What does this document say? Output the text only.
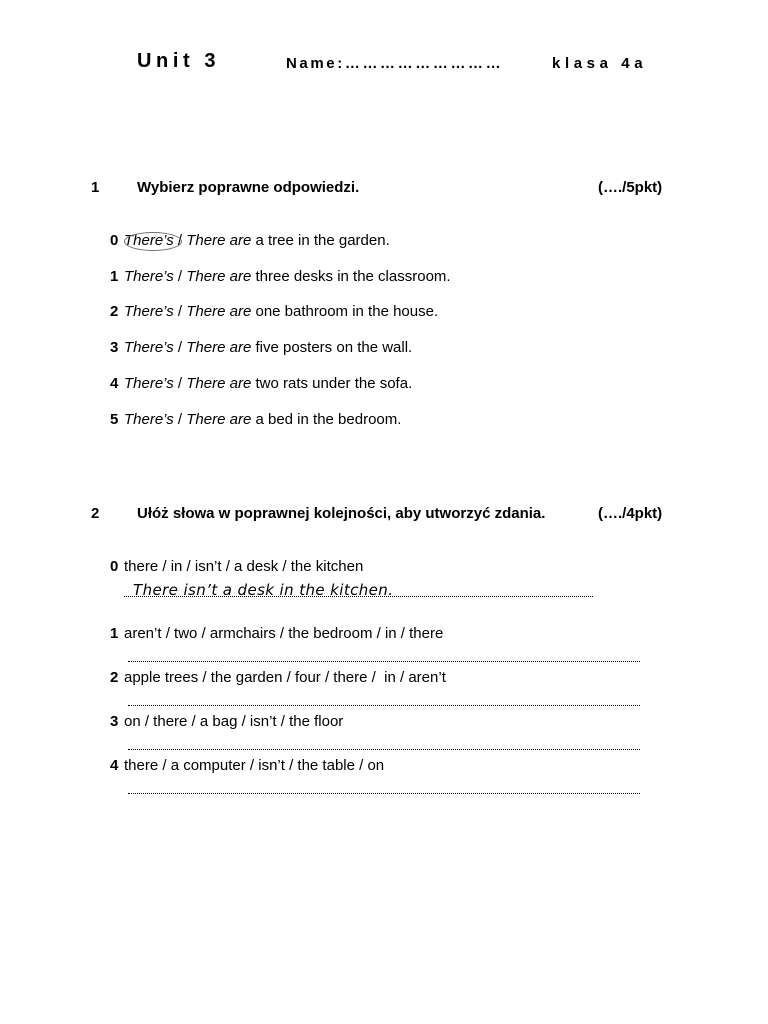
Unit 3	Name:………………………	klasa 4a
1	Wybierz poprawne odpowiedzi.	(…./5pkt)
0 There’s / There are a tree in the garden.
1 There’s / There are three desks in the classroom.
2 There’s / There are one bathroom in the house.
3 There’s / There are five posters on the wall.
4 There’s / There are two rats under the sofa.
5 There’s / There are a bed in the bedroom.
2	Ułóż słowa w poprawnej kolejności, aby utworzyć zdania.	(…./4pkt)
0 there / in / isn’t / a desk / the kitchen
There isn’t a desk in the kitchen.
1 aren’t / two / armchairs / the bedroom / in / there
2 apple trees / the garden / four / there /  in / aren’t
3 on / there / a bag / isn’t / the floor
4 there / a computer / isn’t / the table / on
